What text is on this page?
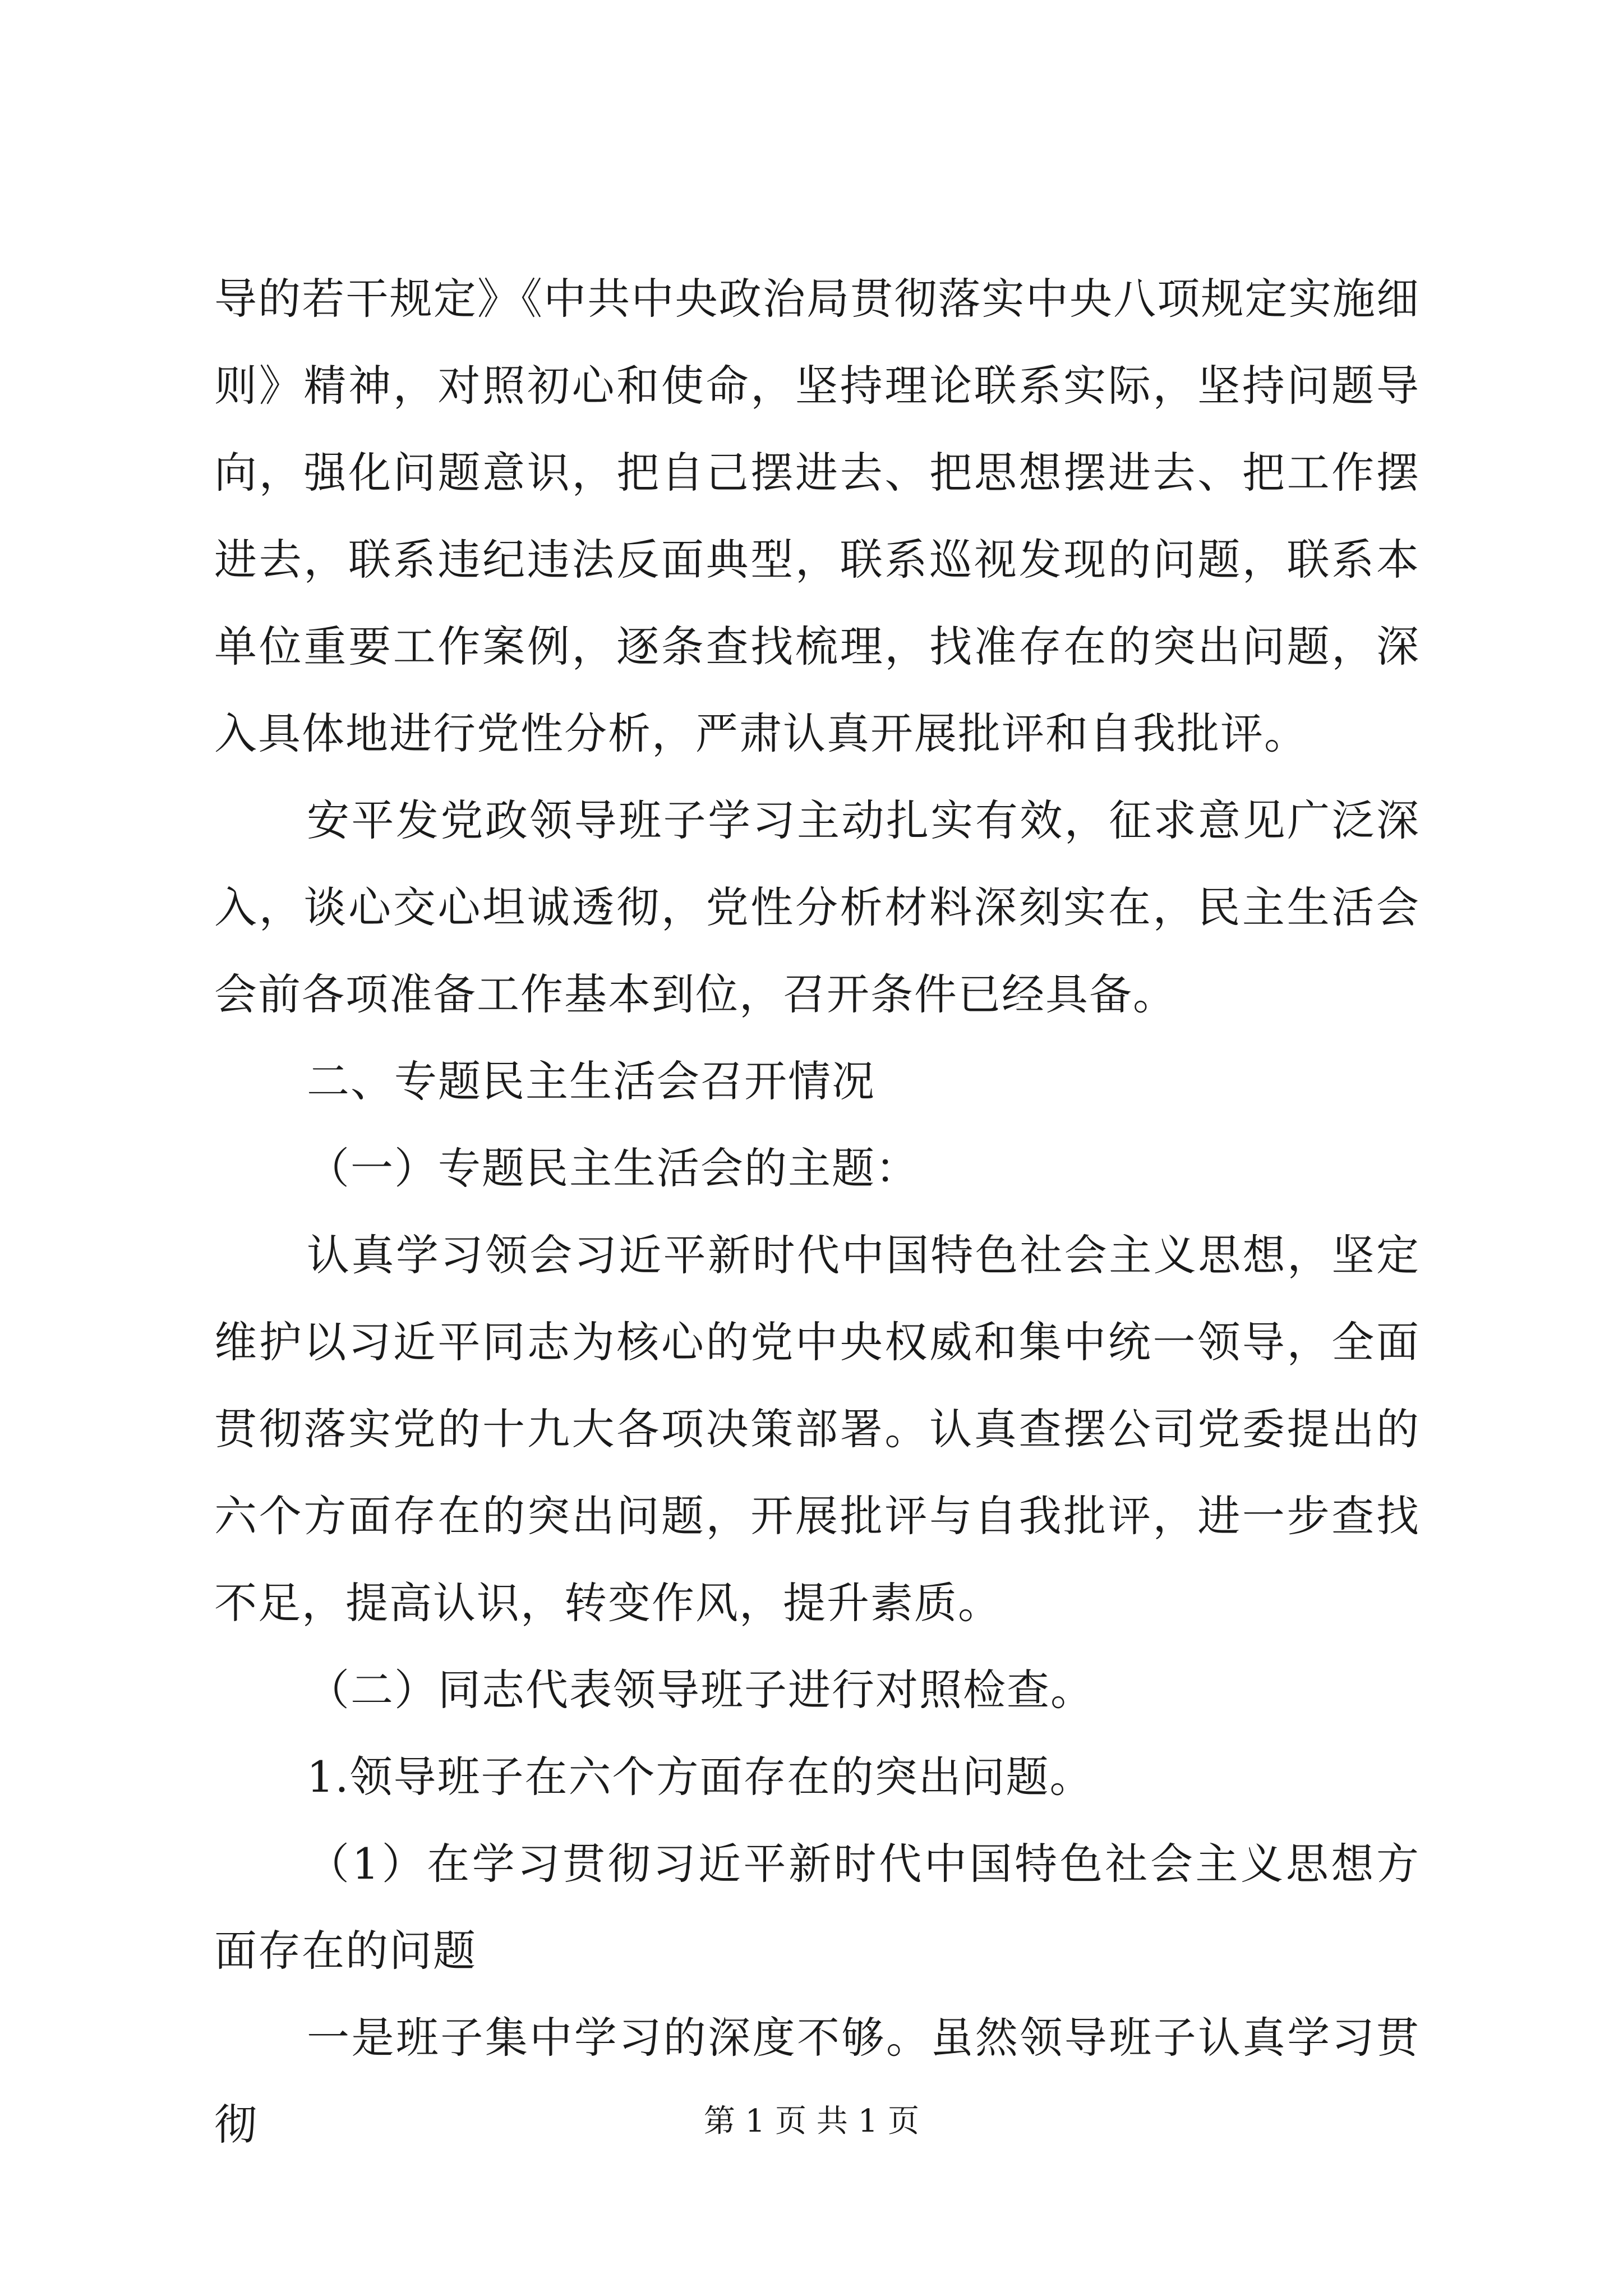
导的若干规定》《中共中央政治局贯彻落实中央八项规定实施细则》精神，对照初心和使命，坚持理论联系实际，坚持问题导向，强化问题意识，把自己摆进去、把思想摆进去、把工作摆进去，联系违纪违法反面典型，联系巡视发现的问题，联系本单位重要工作案例，逐条查找梳理，找准存在的突出问题，深入具体地进行党性分析，严肃认真开展批评和自我批评。

安平发党政领导班子学习主动扎实有效，征求意见广泛深入，谈心交心坦诚透彻，党性分析材料深刻实在，民主生活会会前各项准备工作基本到位，召开条件已经具备。

二、专题民主生活会召开情况

（一）专题民主生活会的主题：

认真学习领会习近平新时代中国特色社会主义思想，坚定维护以习近平同志为核心的党中央权威和集中统一领导，全面贯彻落实党的十九大各项决策部署。认真查摆公司党委提出的六个方面存在的突出问题，开展批评与自我批评，进一步查找不足，提高认识，转变作风，提升素质。

（二）同志代表领导班子进行对照检查。

1.领导班子在六个方面存在的突出问题。

（1）在学习贯彻习近平新时代中国特色社会主义思想方面存在的问题

一是班子集中学习的深度不够。虽然领导班子认真学习贯彻	第 1 页 共 1 页
